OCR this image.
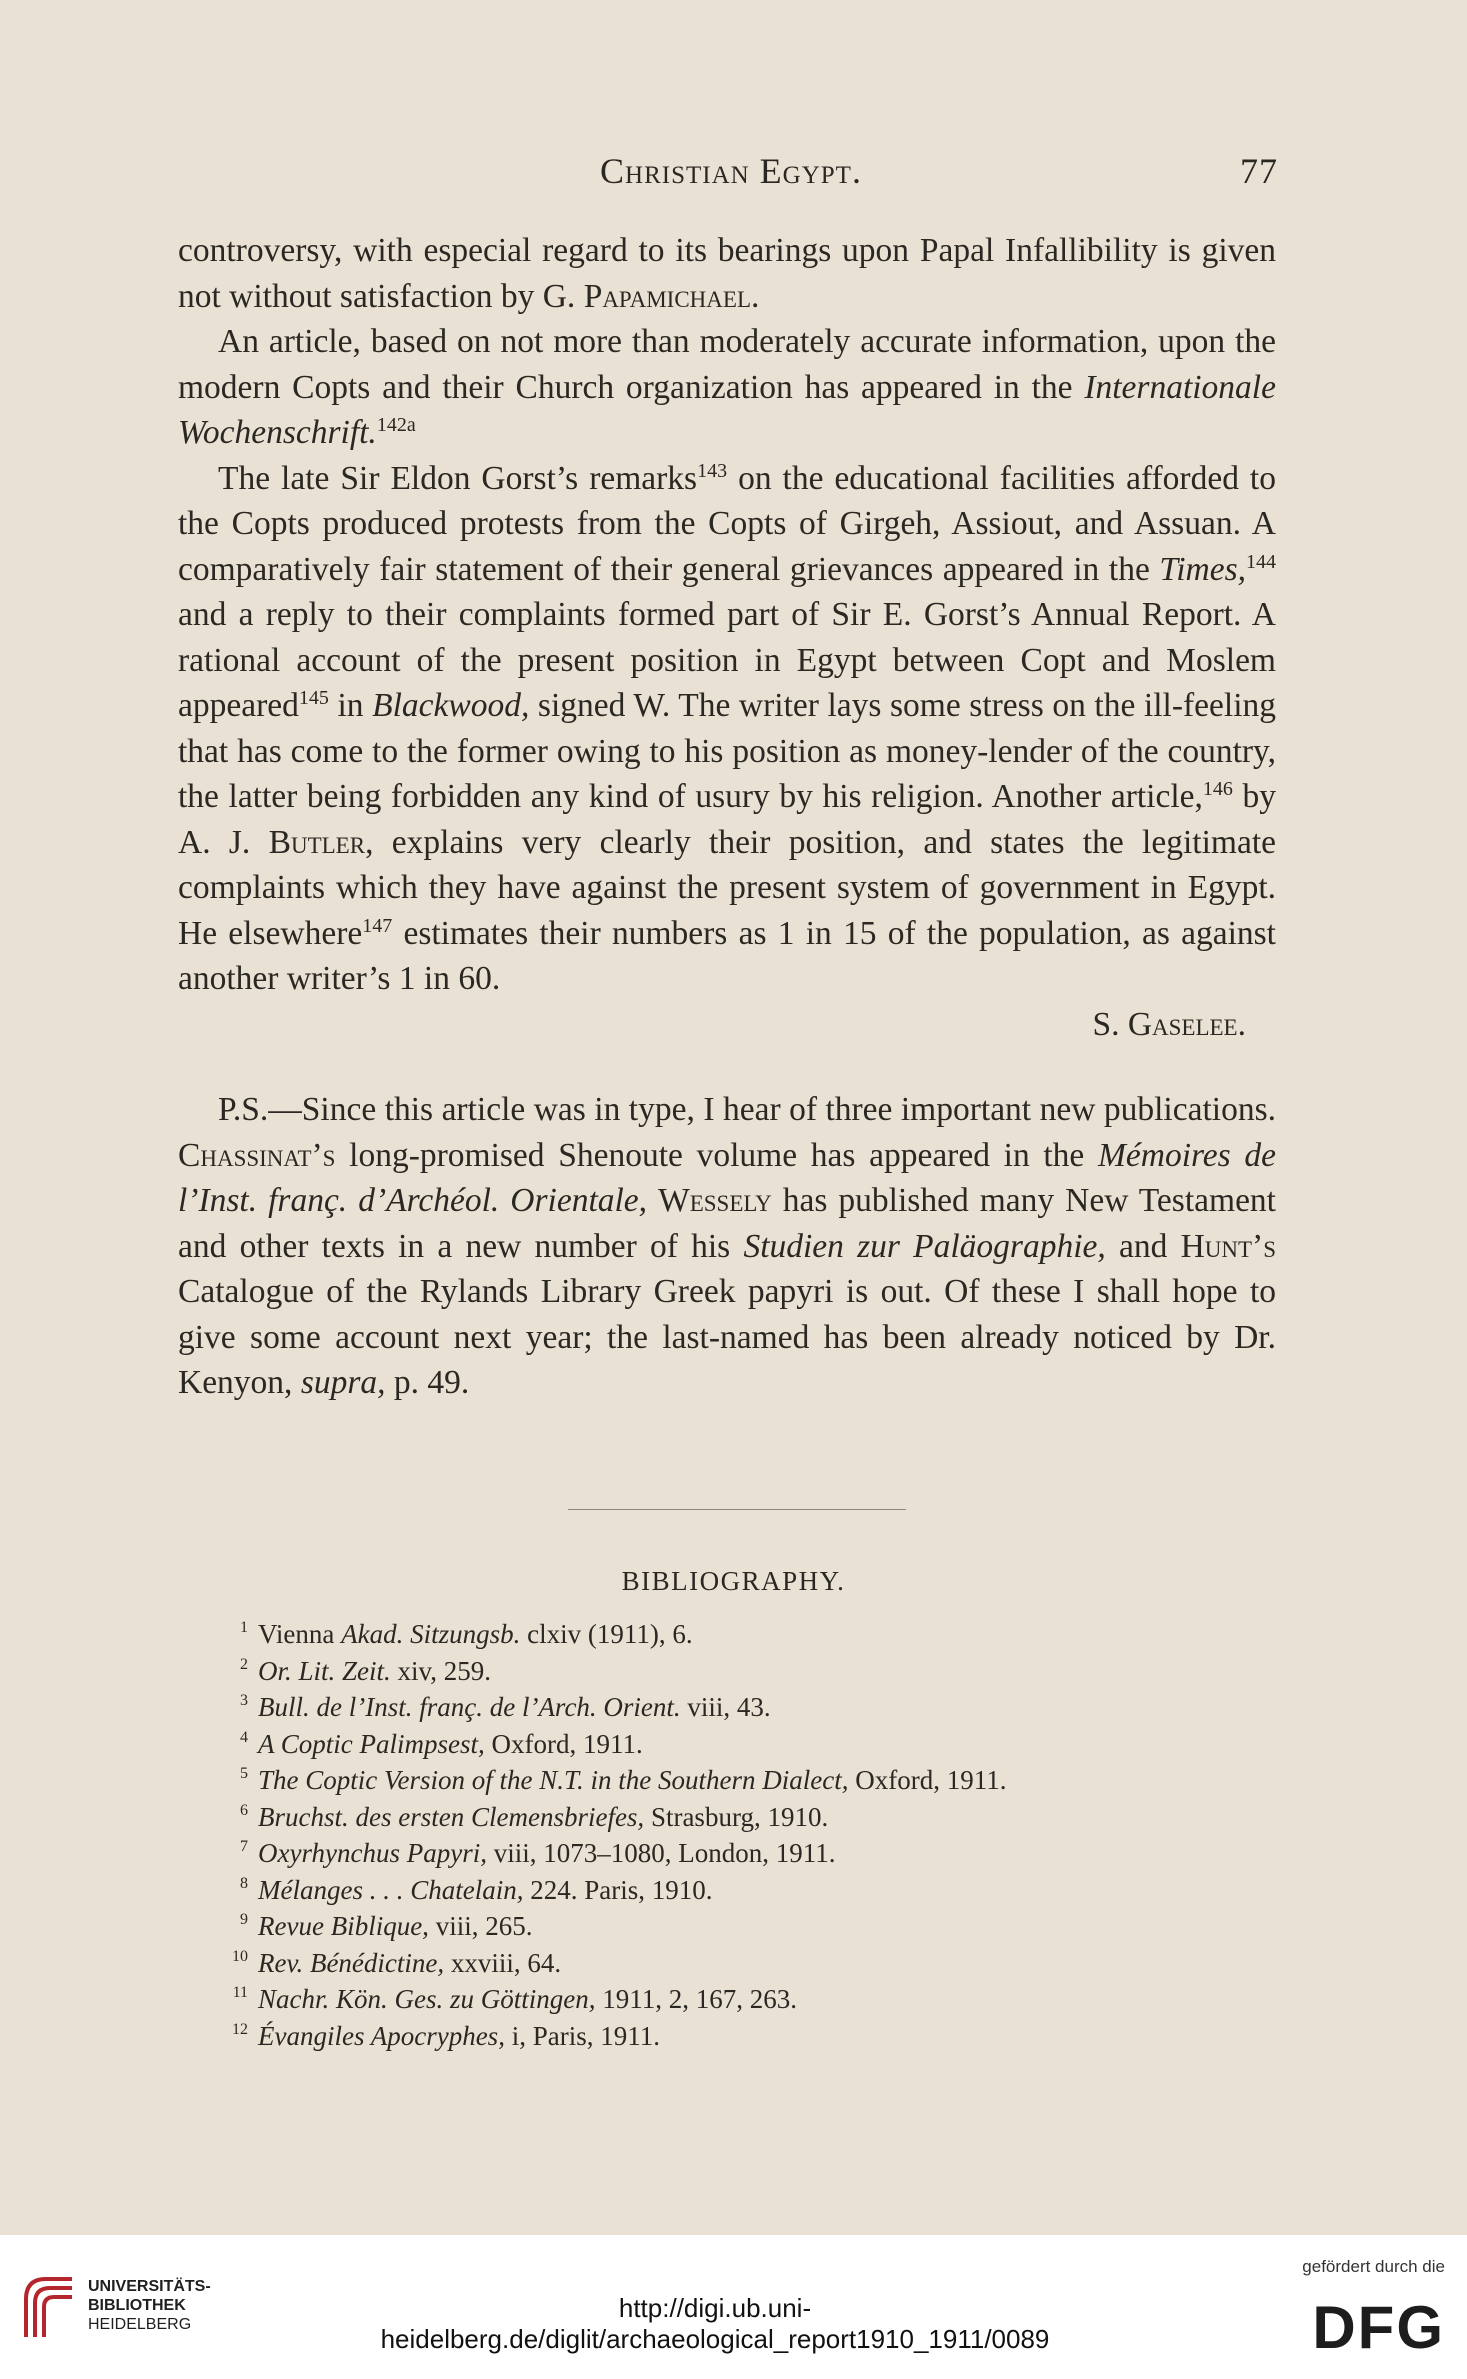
Christian Egypt.	77

controversy, with especial regard to its bearings upon Papal Infallibility is given not without satisfaction by G. Papamichael.

An article, based on not more than moderately accurate information, upon the modern Copts and their Church organization has appeared in the Internationale Wochenschrift.$^{142a}$

The late Sir Eldon Gorst’s remarks$^{143}$ on the educational facilities afforded to the Copts produced protests from the Copts of Girgeh, Assiout, and Assuan. A comparatively fair statement of their general grievances appeared in the Times,$^{144}$ and a reply to their complaints formed part of Sir E. Gorst’s Annual Report. A rational account of the present position in Egypt between Copt and Moslem appeared$^{145}$ in Blackwood, signed W. The writer lays some stress on the ill-feeling that has come to the former owing to his position as money-lender of the country, the latter being forbidden any kind of usury by his religion. Another article,$^{146}$ by A. J. Butler, explains very clearly their position, and states the legitimate complaints which they have against the present system of government in Egypt. He elsewhere$^{147}$ estimates their numbers as 1 in 15 of the population, as against another writer’s 1 in 60.

S. Gaselee.

P.S.—Since this article was in type, I hear of three important new publications. Chassinat’s long-promised Shenoute volume has appeared in the Mémoires de l’Inst. franç. d’Archéol. Orientale, Wessely has published many New Testament and other texts in a new number of his Studien zur Paläographie, and Hunt’s Catalogue of the Rylands Library Greek papyri is out. Of these I shall hope to give some account next year; the last-named has been already noticed by Dr. Kenyon, supra, p. 49.

BIBLIOGRAPHY.
1 Vienna Akad. Sitzungsb. clxiv (1911), 6.
2 Or. Lit. Zeit. xiv, 259.
3 Bull. de l’Inst. franç. de l’Arch. Orient. viii, 43.
4 A Coptic Palimpsest, Oxford, 1911.
5 The Coptic Version of the N.T. in the Southern Dialect, Oxford, 1911.
6 Bruchst. des ersten Clemensbriefes, Strasburg, 1910.
7 Oxyrhynchus Papyri, viii, 1073–1080, London, 1911.
8 Mélanges . . . Chatelain, 224. Paris, 1910.
9 Revue Biblique, viii, 265.
10 Rev. Bénédictine, xxviii, 64.
11 Nachr. Kön. Ges. zu Göttingen, 1911, 2, 167, 263.
12 Évangiles Apocryphes, i, Paris, 1911.
UNIVERSITÄTS-
BIBLIOTHEK
HEIDELBERG
http://digi.ub.uni-heidelberg.de/diglit/archaeological_report1910_1911/0089
gefördert durch die
DFG
